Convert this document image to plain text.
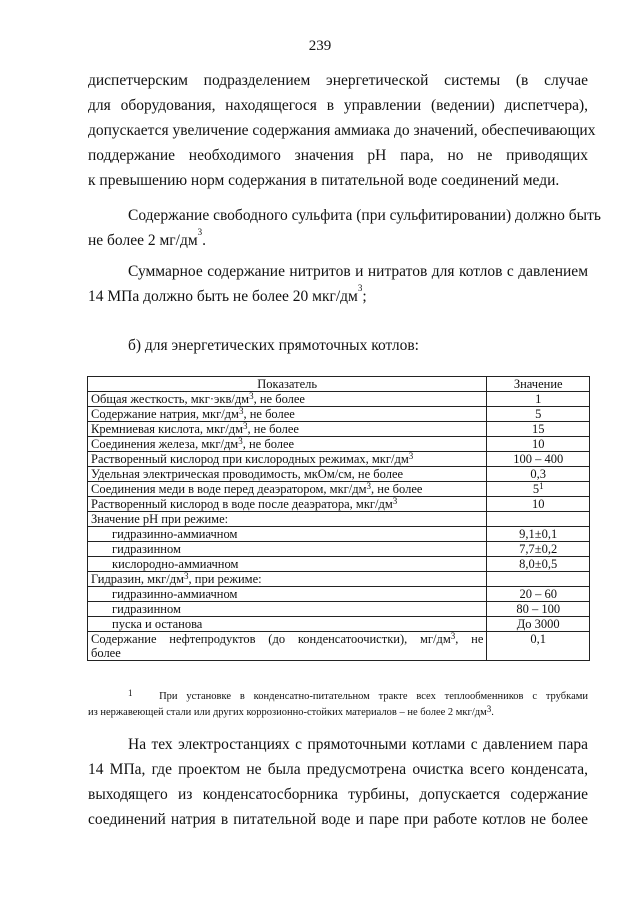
239
диспетчерским подразделением энергетической системы (в случае
для оборудования, находящегося в управлении (ведении) диспетчера),
допускается увеличение содержания аммиака до значений, обеспечивающих
поддержание необходимого значения pH пара, но не приводящих
к превышению норм содержания в питательной воде соединений меди.
Содержание свободного сульфита (при сульфитировании) должно быть
не более 2 $мг/дм^3$.
Суммарное содержание нитритов и нитратов для котлов с давлением
14 МПа должно быть не более 20 мкг/$дм^3$;
б) для энергетических прямоточных котлов:
Показатель	Значение
Общая жесткость, $мкг\cdot экв/дм^3$, не более	1
Содержание натрия, мкг/$дм^3$, не более	5
Кремниевая кислота, мкг/$дм^3$, не более	15
Соединения железа, мкг/$дм^3$, не более	10
Растворенный кислород при кислородных режимах, мкг/$дм^3$	100 – 400
Удельная электрическая проводимость, мкОм/см, не более	0,3
Соединения меди в воде перед деаэратором, мкг/$дм^3$, не более	$5^1$
Растворенный кислород в воде после деаэратора, мкг/$дм^3$	10
Значение pH при режиме:	
гидразинно-аммиачном	9,1±0,1
гидразинном	7,7±0,2
кислородно-аммиачном	8,0±0,5
Гидразин, мкг/$дм^3$, при режиме:	
гидразинно-аммиачном	20 – 60
гидразинном	80 – 100
пуска и останова	До 3000

Содержание нефтепродуктов (до конденсатоочистки), $мг/дм^3$, не
более	0,1
$^1$	При установке в конденсатно-питательном тракте всех теплообменников с трубками
из нержавеющей стали или других коррозионно-стойких материалов – не более 2 мкг/$дм^3$.
На тех электростанциях с прямоточными котлами с давлением пара
14 МПа, где проектом не была предусмотрена очистка всего конденсата,
выходящего из конденсатосборника турбины, допускается содержание
соединений натрия в питательной воде и паре при работе котлов не более
